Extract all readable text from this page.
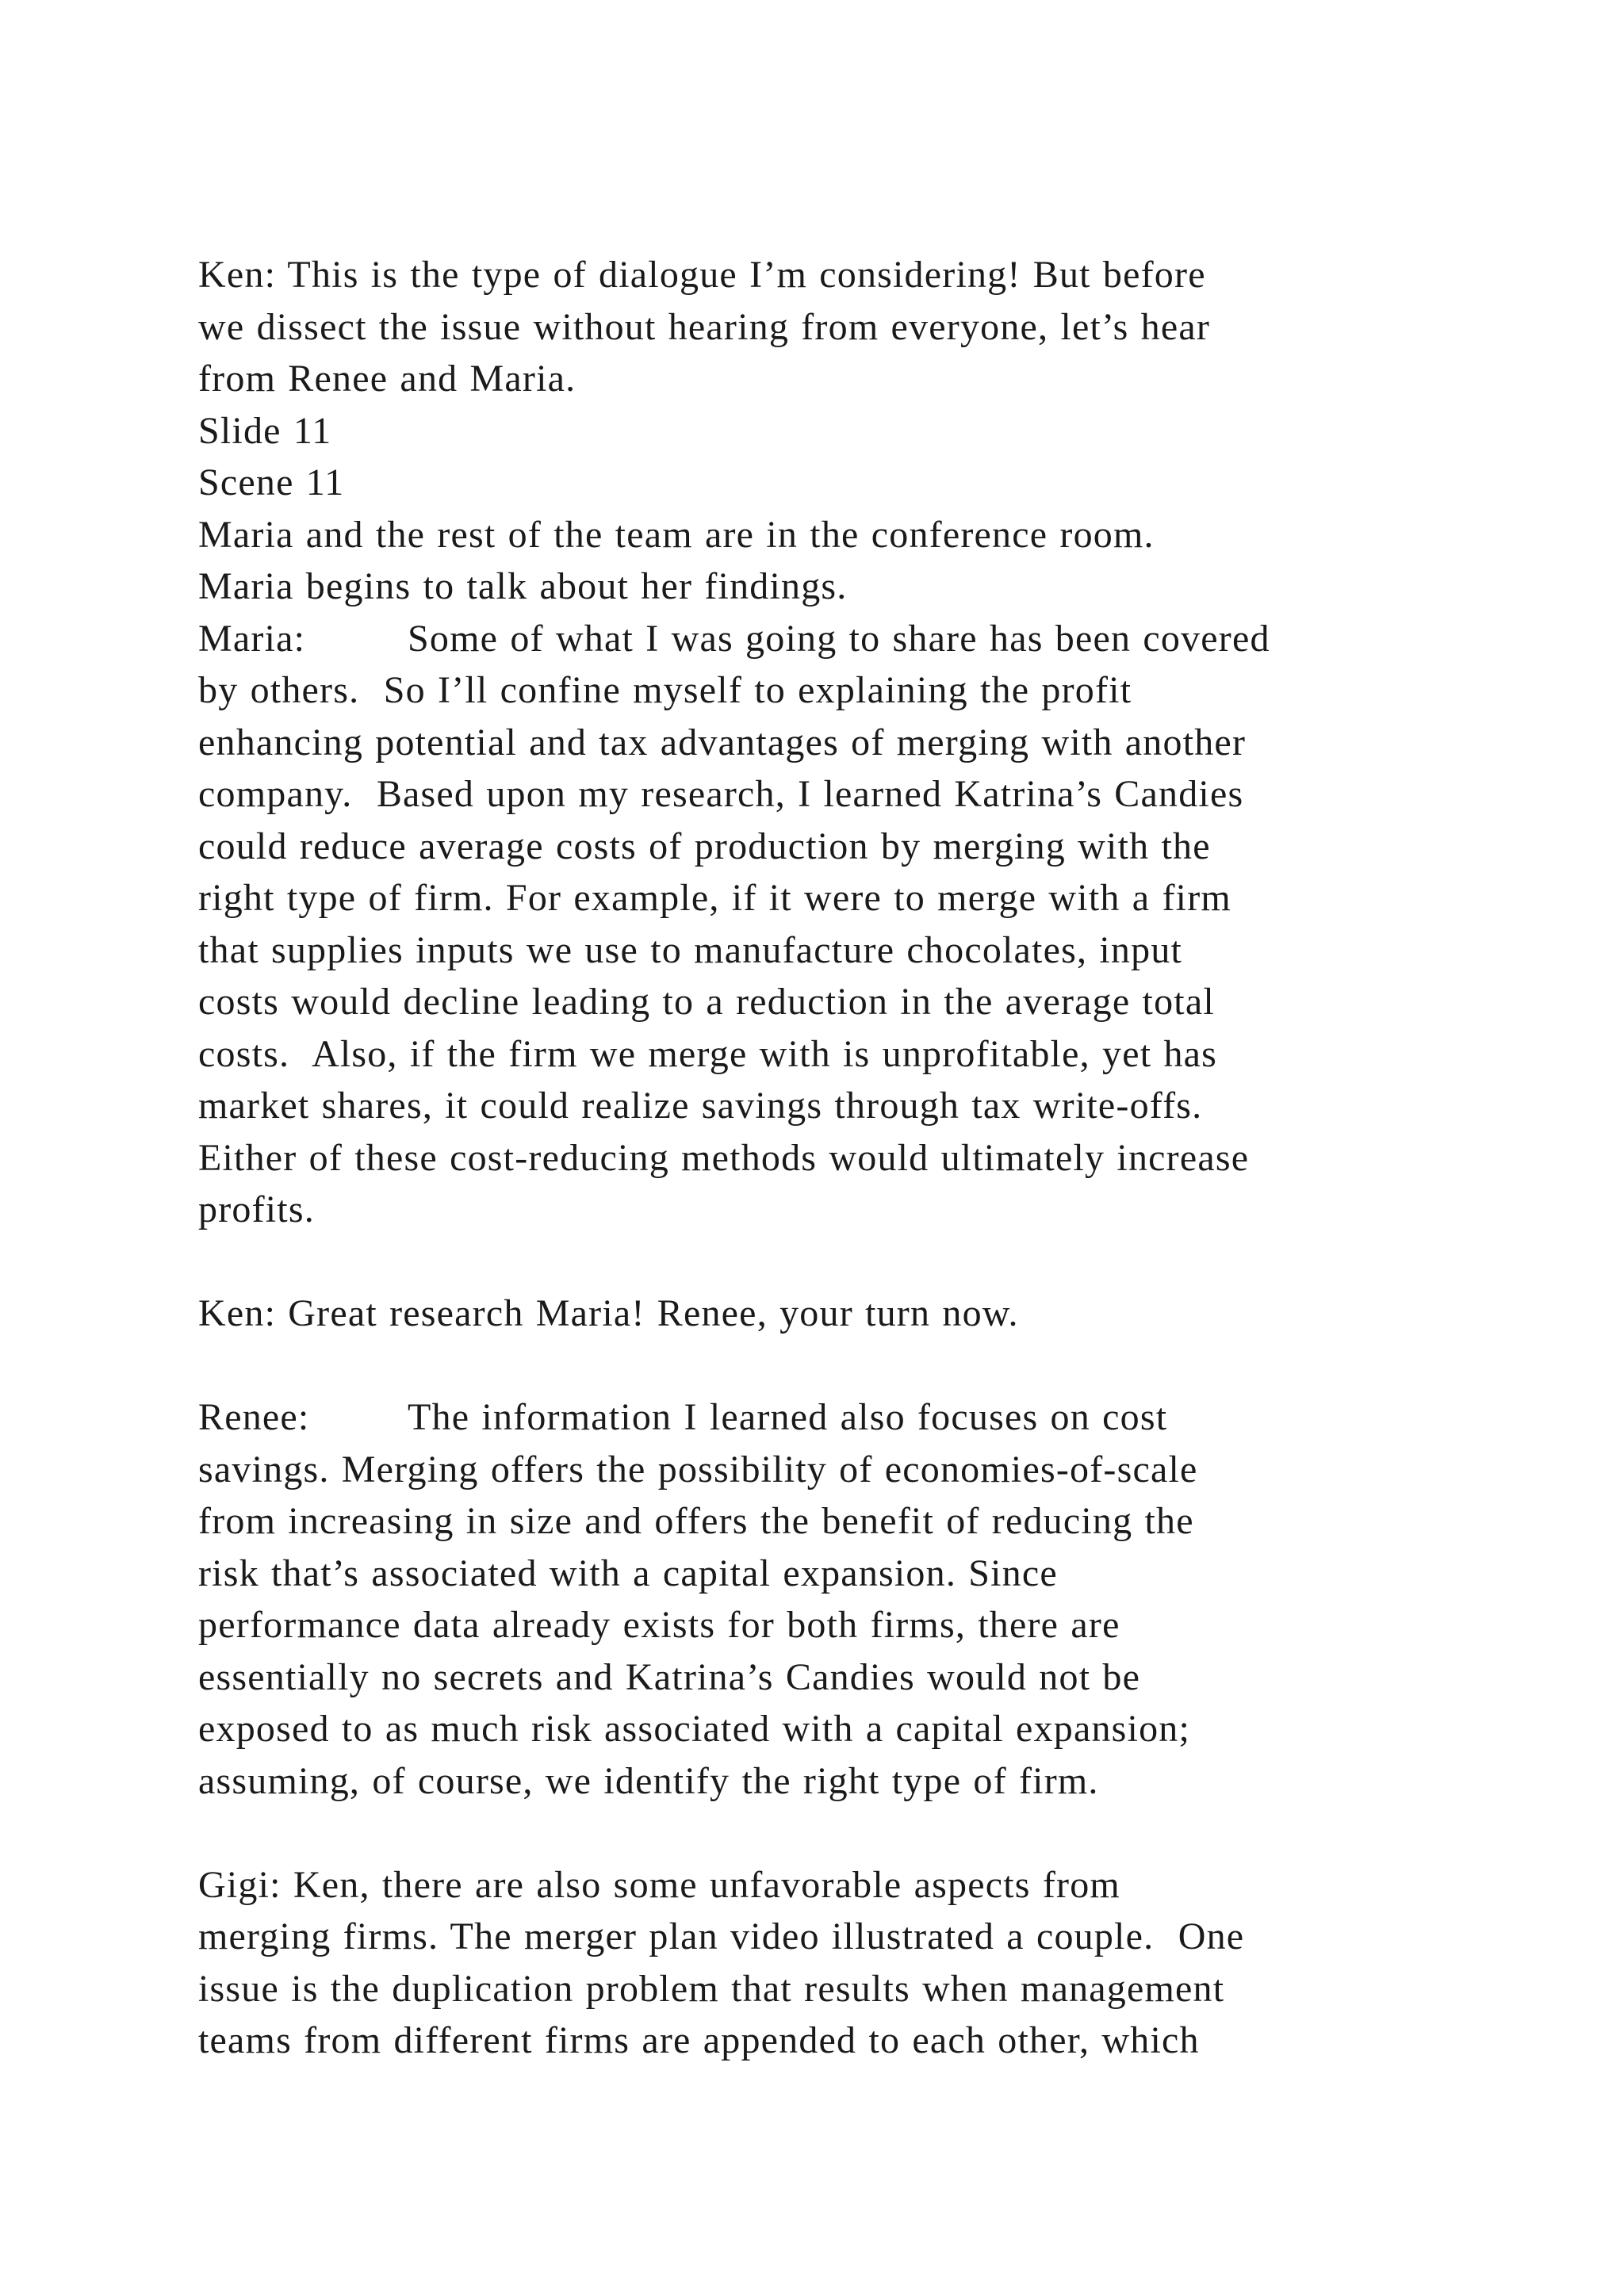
Ken: This is the type of dialogue I’m considering! But before
we dissect the issue without hearing from everyone, let’s hear
from Renee and Maria.
Slide 11
Scene 11
Maria and the rest of the team are in the conference room.
Maria begins to talk about her findings.
Maria:	Some of what I was going to share has been covered
by others.  So I’ll confine myself to explaining the profit
enhancing potential and tax advantages of merging with another
company.  Based upon my research, I learned Katrina’s Candies
could reduce average costs of production by merging with the
right type of firm. For example, if it were to merge with a firm
that supplies inputs we use to manufacture chocolates, input
costs would decline leading to a reduction in the average total
costs.  Also, if the firm we merge with is unprofitable, yet has
market shares, it could realize savings through tax write-offs.
Either of these cost-reducing methods would ultimately increase
profits.
Ken: Great research Maria! Renee, your turn now.
Renee:	The information I learned also focuses on cost
savings. Merging offers the possibility of economies-of-scale
from increasing in size and offers the benefit of reducing the
risk that’s associated with a capital expansion. Since
performance data already exists for both firms, there are
essentially no secrets and Katrina’s Candies would not be
exposed to as much risk associated with a capital expansion;
assuming, of course, we identify the right type of firm.
Gigi: Ken, there are also some unfavorable aspects from
merging firms. The merger plan video illustrated a couple.  One
issue is the duplication problem that results when management
teams from different firms are appended to each other, which
